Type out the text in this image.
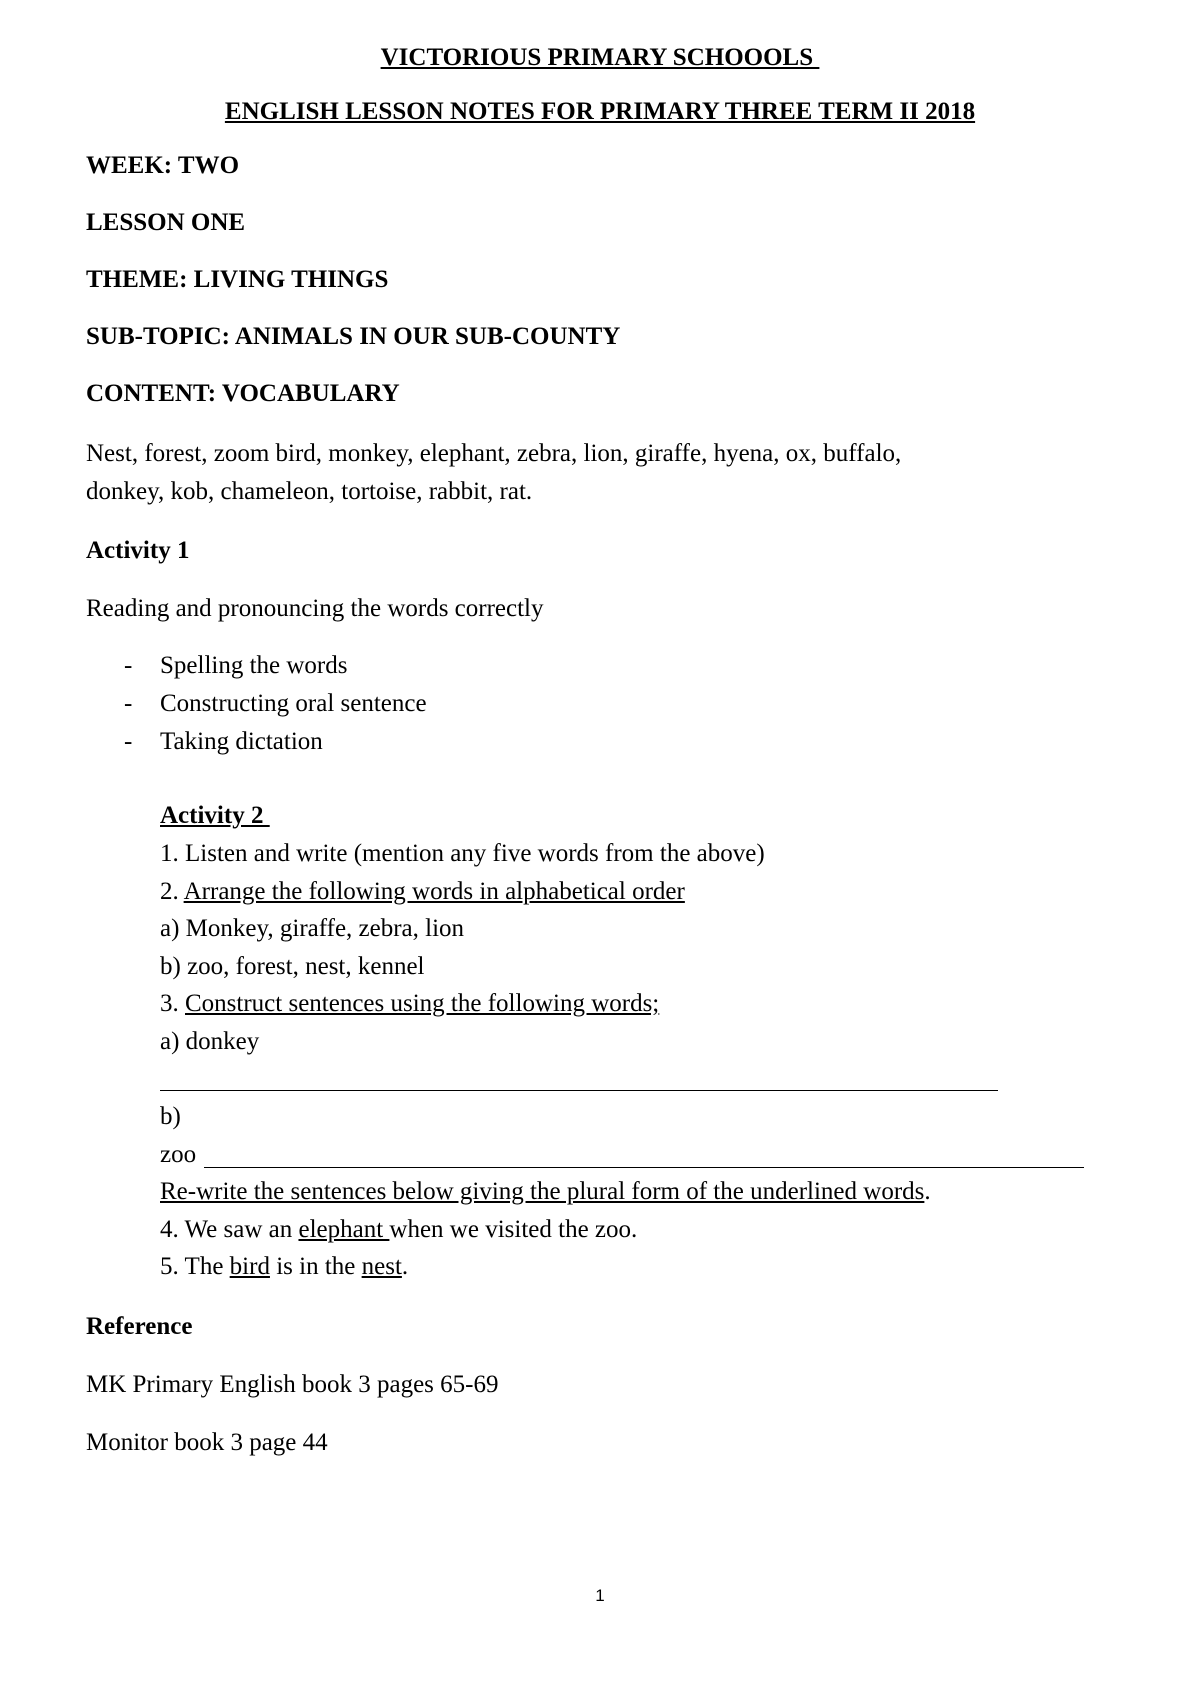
VICTORIOUS PRIMARY SCHOOOLS
ENGLISH LESSON NOTES FOR PRIMARY THREE TERM II 2018
WEEK: TWO
LESSON ONE
THEME: LIVING THINGS
SUB-TOPIC: ANIMALS IN OUR SUB-COUNTY
CONTENT: VOCABULARY
Nest, forest, zoom bird, monkey, elephant, zebra, lion, giraffe, hyena, ox, buffalo,
donkey, kob, chameleon, tortoise, rabbit, rat.
Activity 1
Reading and pronouncing the words correctly
- Spelling the words
- Constructing oral sentence
- Taking dictation
Activity 2
1. Listen and write (mention any five words from the above)
2. Arrange the following words in alphabetical order
a) Monkey, giraffe, zebra, lion
b) zoo, forest, nest, kennel
3. Construct sentences using the following words;
a) donkey
b)
zoo
Re-write the sentences below giving the plural form of the underlined words.
4. We saw an elephant when we visited the zoo.
5. The bird is in the nest.
Reference
MK Primary English book 3 pages 65-69
Monitor book 3 page 44
1
